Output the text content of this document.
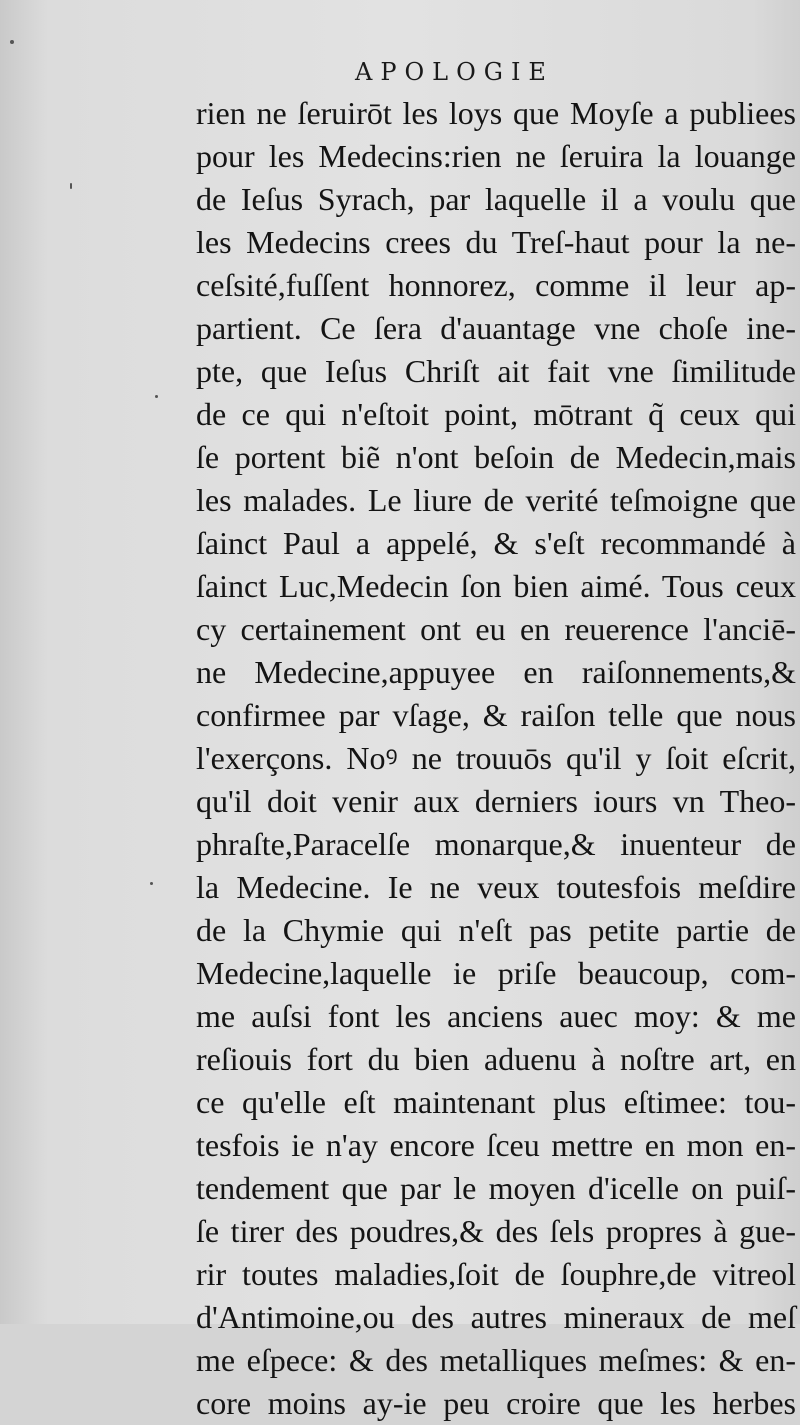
APOLOGIE
rien ne ſeruirōt les loys que Moyſe a publiees
pour les Medecins:rien ne ſeruira la louange
de Ieſus Syrach, par laquelle il a voulu que
les Medecins crees du Treſ-haut pour la ne-
ceſsité,fuſſent honnorez, comme il leur ap-
partient. Ce ſera d'auantage vne choſe ine-
pte, que Ieſus Chriſt ait fait vne ſimilitude
de ce qui n'eſtoit point, mōtrant q̃ ceux qui
ſe portent biẽ n'ont beſoin de Medecin,mais
les malades. Le liure de verité teſmoigne que
ſainct Paul a appelé, & s'eſt recommandé à
ſainct Luc,Medecin ſon bien aimé. Tous ceux
cy certainement ont eu en reuerence l'anciē-
ne Medecine,appuyee en raiſonnements,&
confirmee par vſage, & raiſon telle que nous
l'exerçons. Noꝰ ne trouuōs qu'il y ſoit eſcrit,
qu'il doit venir aux derniers iours vn Theo-
phraſte,Paracelſe monarque,& inuenteur de
la Medecine. Ie ne veux toutesfois meſdire
de la Chymie qui n'eſt pas petite partie de
Medecine,laquelle ie priſe beaucoup, com-
me auſsi font les anciens auec moy: & me
reſiouis fort du bien aduenu à noſtre art, en
ce qu'elle eſt maintenant plus eſtimee: tou-
tesfois ie n'ay encore ſceu mettre en mon en-
tendement que par le moyen d'icelle on puiſ-
ſe tirer des poudres,& des ſels propres à gue-
rir toutes maladies,ſoit de ſouphre,de vitreol
d'Antimoine,ou des autres mineraux de meſ
me eſpece: & des metalliques meſmes: & en-
core moins ay-ie peu croire que les herbes
